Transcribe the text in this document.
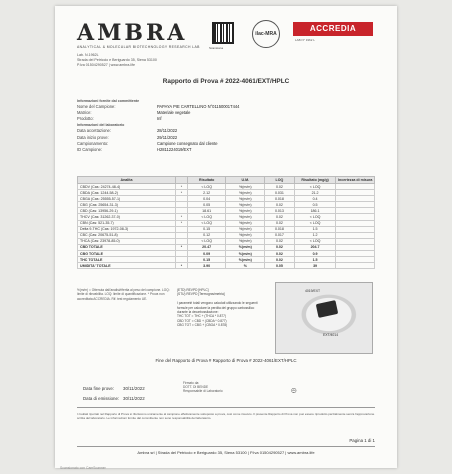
AMBRA
ANALYTICAL & MOLECULAR BIOTECHNOLOGY RESEARCH LAB
Lab. N.1962L
Strada del Petriccio e Beriguardo 35, Siena 53100
P.Iva 01504290527 | www.ambra.life
Scansiona
ilac-MRA
ACCREDIA
LAB N° 1962 L
Rapporto di Prova # 2022-4061/EXT/HPLC
Informazioni fornite dal committente
Nome del Campione:	PAPAYA PIE CARTELLINO N°01150001T444
Matrice:	Materiale vegetale
Prodotto:	Inf
Informazioni del laboratorio
Data accettazione:	28/11/2022
Data inizio prove:	29/11/2022
Campionamento:	Campione consegnato dal cliente
ID Campione:	H2811224019/EXT
Analita		Risultato	U.M.	LOQ	Risultato (mg/g)	Incertezza di misura
CBDV (Cas: 24274-48-4)	*	< LOQ	%(m/m)	0.02	< LOQ	
CBDA (Cas: 1244-58-2)	*	2.12	%(m/m)	0.031	21.2	
CBGA (Cas: 25555-57-1)		0.04	%(m/m)	0.018	0.4	
CBG (Cas: 25654-31-3)		0.05	%(m/m)	0.02	0.5	
CBD (Cas: 13956-29-1)		18.61	%(m/m)	0.013	186.1	
THCV (Cas: 31262-37-0)	*	< LOQ	%(m/m)	0.02	< LOQ	
CBN (Cas: 521-35-7)	*	< LOQ	%(m/m)	0.02	< LOQ	
Delta 9-THC (Cas: 1972-08-3)		0.15	%(m/m)	0.018	1.5	
CBC (Cas: 20675-51-8)		0.12	%(m/m)	0.017	1.2	
THCA (Cas: 23978-85-0)		< LOQ	%(m/m)	0.02	< LOQ	
CBD TOTALE	*	20.47	%(m/m)	0.02	204.7	
CBG TOTALE		0.09	%(m/m)	0.02	0.9	
THC TOTALE		0.15	%(m/m)	0.02	1.5	
UMIDITA' TOTALE	*	3.90	%	0.05	39	
%(m/m) = Ottenuta dall'analisi/riferita al peso del campione. LOQ: limite di rilevabilita. LOQ: limite di quantificazione. * Prova non accreditata ACCREDIA. Rif. test regolamento UE.
(ETD) REVPD [HPLC]
(STU) REVPD [Termogravimetria]

I parametri totali vengono calcolati utilizzando le seguenti formule per calcolare la perdita del gruppo carbossilico durante la decarbossilazione:
THC TOT = THC + (THCA * 0.877)
CBD TOT = CBD + (CBDA * 0.877)
CBG TOT = CBG + (CBGA * 0.878)
4019/EXT
EXT/4014
Fine del Rapporto di Prova # Rapporto di Prova # 2022-4061/EXT/HPLC
Data fine prove: 30/11/2022
Data di emissione: 30/11/2022
Firmato da:
DOTT. DI BENDE
Responsabile di Laboratorio	⨸
I risultati riportati nel Rapporto di Prova si riferiscono unicamente al campione effettivamente sottoposto a prova, così come ricevuto. Il presente Rapporto di Prova non può essere riprodotto parzialmente senza l'approvazione scritta del laboratorio. Le informazioni fornite dal committente non sono responsabilità del laboratorio.
Pagina 1 di 1
Ambra srl | Strada del Petriccio e Beriguardo 35, Siena 53100 | P.Iva 01504290527 | www.ambra.life
Scansionato con CamScanner
